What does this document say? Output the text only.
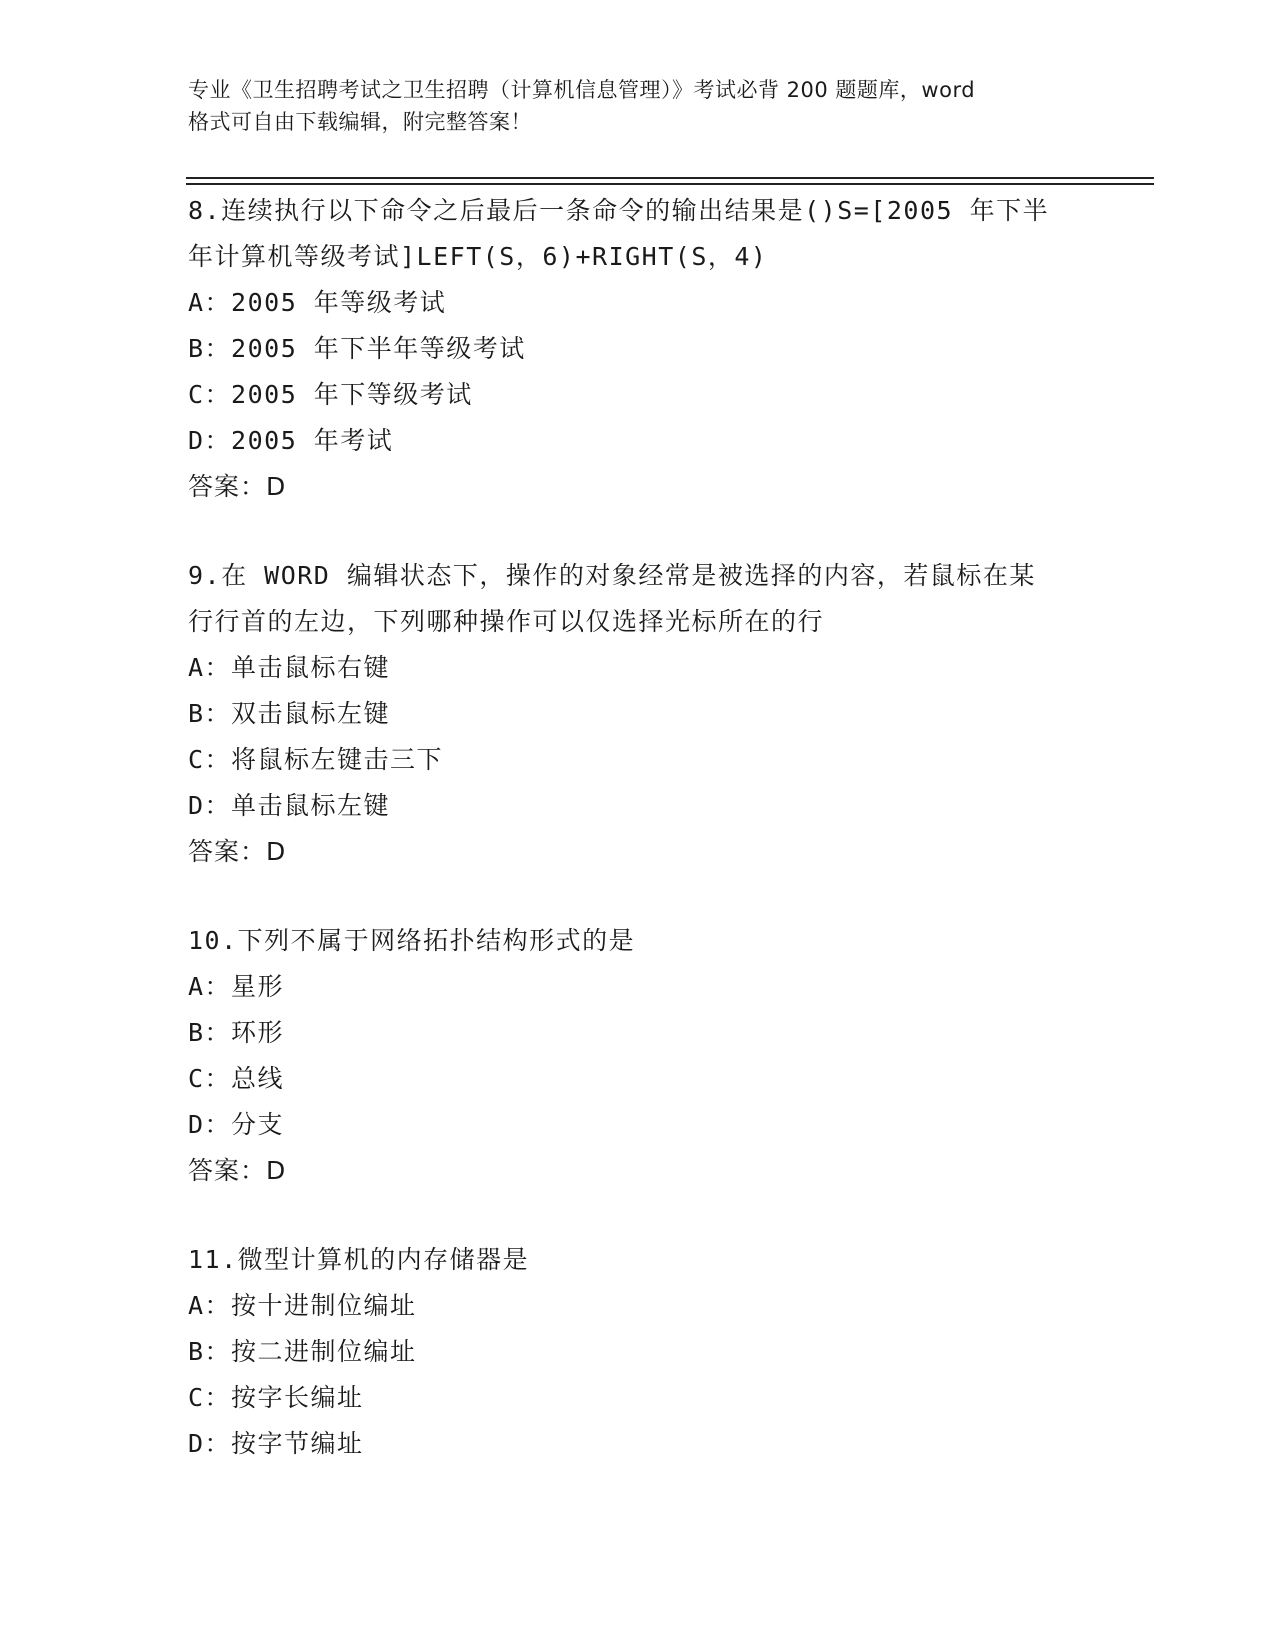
专业《卫生招聘考试之卫生招聘（计算机信息管理）》考试必背 200 题题库，word
格式可自由下载编辑，附完整答案！
8.连续执行以下命令之后最后一条命令的输出结果是()S=[2005 年下半
年计算机等级考试]LEFT(S，6)+RIGHT(S，4)
A：2005 年等级考试
B：2005 年下半年等级考试
C：2005 年下等级考试
D：2005 年考试
答案：D
9.在 WORD 编辑状态下，操作的对象经常是被选择的内容，若鼠标在某
行行首的左边，下列哪种操作可以仅选择光标所在的行
A：单击鼠标右键
B：双击鼠标左键
C：将鼠标左键击三下
D：单击鼠标左键
答案：D
10.下列不属于网络拓扑结构形式的是
A：星形
B：环形
C：总线
D：分支
答案：D
11.微型计算机的内存储器是
A：按十进制位编址
B：按二进制位编址
C：按字长编址
D：按字节编址
